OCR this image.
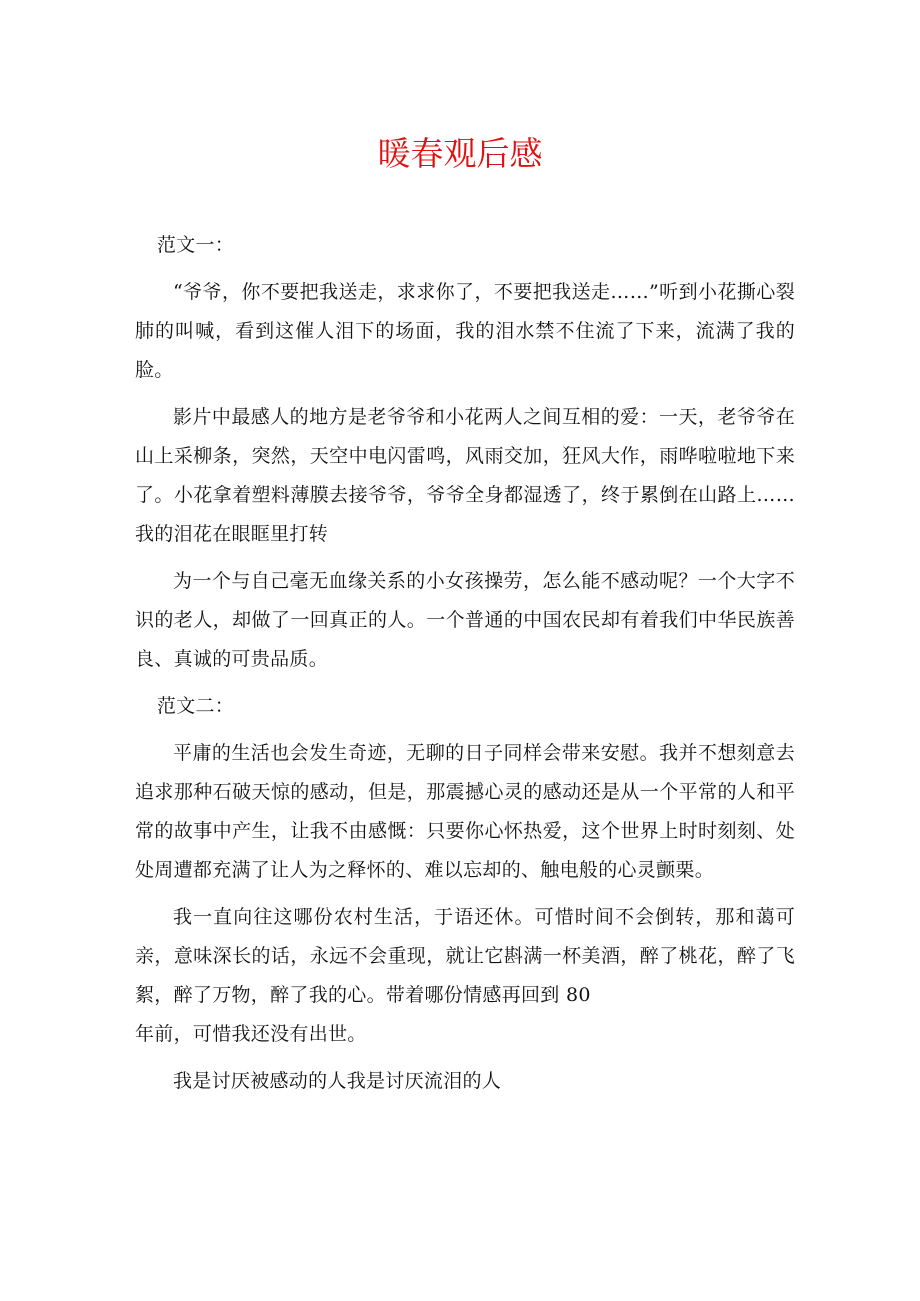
暖春观后感

范文一：

“爷爷，你不要把我送走，求求你了，不要把我送走……”听到小花撕心裂肺的叫喊，看到这催人泪下的场面，我的泪水禁不住流了下来，流满了我的脸。

影片中最感人的地方是老爷爷和小花两人之间互相的爱：一天，老爷爷在山上采柳条，突然，天空中电闪雷鸣，风雨交加，狂风大作，雨哗啦啦地下来了。小花拿着塑料薄膜去接爷爷，爷爷全身都湿透了，终于累倒在山路上……我的泪花在眼眶里打转

为一个与自己毫无血缘关系的小女孩操劳，怎么能不感动呢？一个大字不识的老人，却做了一回真正的人。一个普通的中国农民却有着我们中华民族善良、真诚的可贵品质。

范文二：

平庸的生活也会发生奇迹，无聊的日子同样会带来安慰。我并不想刻意去追求那种石破天惊的感动，但是，那震撼心灵的感动还是从一个平常的人和平常的故事中产生，让我不由感慨：只要你心怀热爱，这个世界上时时刻刻、处处周遭都充满了让人为之释怀的、难以忘却的、触电般的心灵颤栗。

我一直向往这哪份农村生活，于语还休。可惜时间不会倒转，那和蔼可亲，意味深长的话，永远不会重现，就让它斟满一杯美酒，醉了桃花，醉了飞絮，醉了万物，醉了我的心。带着哪份情感再回到 80

年前，可惜我还没有出世。

我是讨厌被感动的人我是讨厌流泪的人
